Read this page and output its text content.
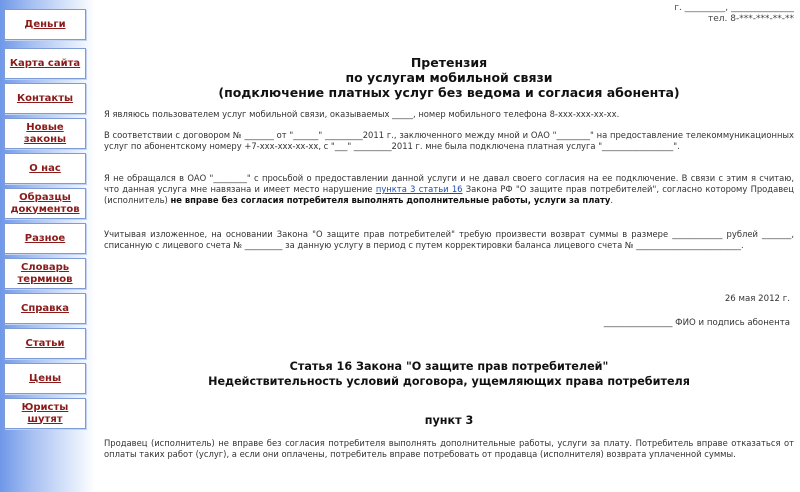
Деньги
Карта сайта
Контакты
Новые законы
О нас
Образцы документов
Разное
Словарь терминов
Справка
Статьи
Цены
Юристы шутят
г. _________, ______________
тел. 8-***-***-**-**
Претензия
по услугам мобильной связи
(подключение платных услуг без ведома и согласия абонента)
Я являюсь пользователем услуг мобильной связи, оказываемых _____, номер мобильного телефона 8-xxx-xxx-xx-xx.
В соответствии с договором № _______ от "______" _________2011 г., заключенного между мной и ОАО "________" на предоставление телекоммуникационных услуг по абонентскому номеру +7-xxx-xxx-xx-xx, с "___" _________2011 г. мне была подключена платная услуга "_________________".
Я не обращался в ОАО "________" с просьбой о предоставлении данной услуги и не давал своего согласия на ее подключение. В связи с этим я считаю, что данная услуга мне навязана и имеет место нарушение пункта 3 статьи 16 Закона РФ "О защите прав потребителей", согласно которому Продавец (исполнитель) не вправе без согласия потребителя выполнять дополнительные работы, услуги за плату.
Учитывая изложенное, на основании Закона "О защите прав потребителей" требую произвести возврат суммы в размере ____________ рублей _______, списанную с лицевого счета № _________ за данную услугу в период с путем корректировки баланса лицевого счета № _________________________.
26 мая 2012 г.
________________ ФИО и подпись абонента
Статья 16 Закона "О защите прав потребителей"
Недействительность условий договора, ущемляющих права потребителя
пункт 3
Продавец (исполнитель) не вправе без согласия потребителя выполнять дополнительные работы, услуги за плату. Потребитель вправе отказаться от оплаты таких работ (услуг), а если они оплачены, потребитель вправе потребовать от продавца (исполнителя) возврата уплаченной суммы.
